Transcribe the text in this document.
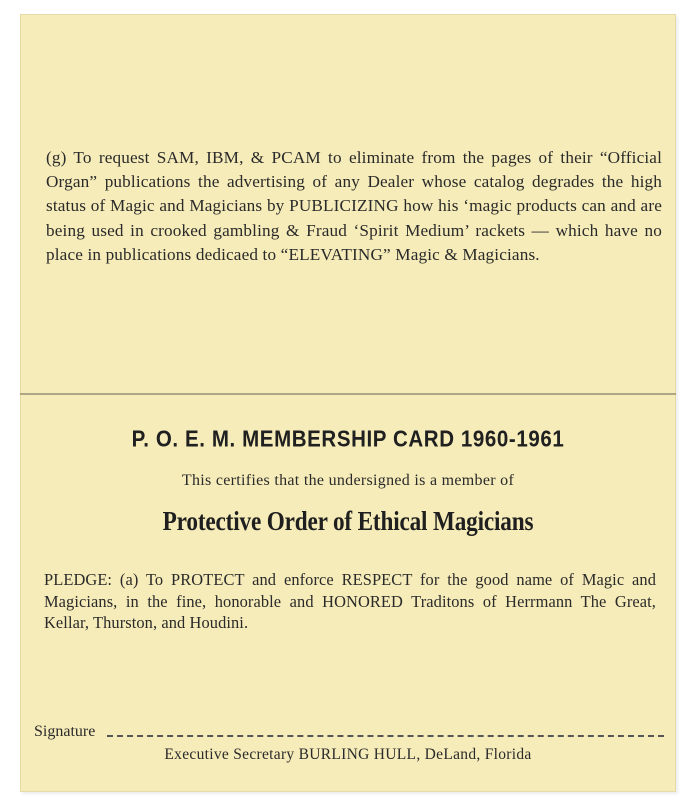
(g) To request SAM, IBM, & PCAM to eliminate from the pages of their “Official Organ” publications the advertising of any Dealer whose catalog degrades the high status of Magic and Magicians by PUBLICIZING how his ‘magic products can and are being used in crooked gambling & Fraud ‘Spirit Medium’ rackets — which have no place in publications dedicaed to “ELEVATING” Magic & Magicians.
P. O. E. M. MEMBERSHIP CARD 1960-1961
This certifies that the undersigned is a member of
Protective Order of Ethical Magicians
PLEDGE: (a) To PROTECT and enforce RESPECT for the good name of Magic and Magicians, in the fine, honorable and HONORED Traditons of Herrmann The Great, Kellar, Thurston, and Houdini.
Signature
Executive Secretary BURLING HULL, DeLand, Florida
